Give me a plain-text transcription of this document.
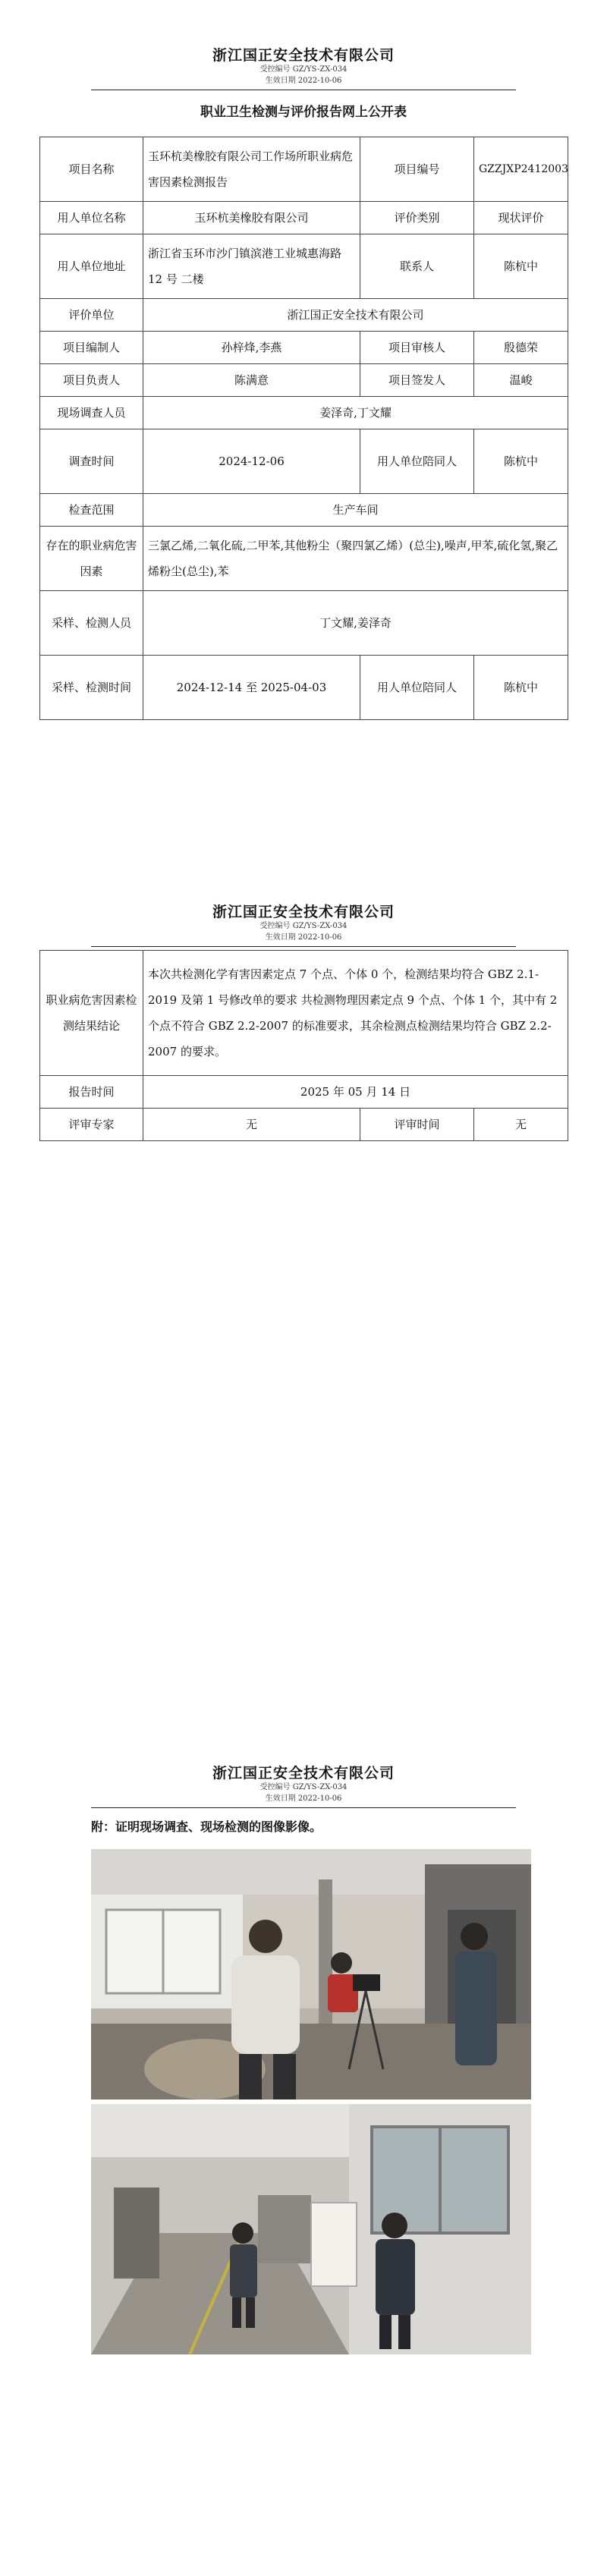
浙江国正安全技术有限公司
受控编号 GZ/YS-ZX-034
生效日期 2022-10-06
职业卫生检测与评价报告网上公开表
项目名称	玉环杭美橡胶有限公司工作场所职业病危害因素检测报告	项目编号	GZZJXP2412003
用人单位名称	玉环杭美橡胶有限公司	评价类别	现状评价
用人单位地址	浙江省玉环市沙门镇滨港工业城惠海路 12 号 二楼	联系人	陈杭中
评价单位	浙江国正安全技术有限公司		
项目编制人	孙梓烽,李燕	项目审核人	殷德荣
项目负责人	陈满意	项目签发人	温峻
现场调查人员	姜泽奇,丁文耀		
调查时间	2024-12-06	用人单位陪同人	陈杭中
检查范围	生产车间		
存在的职业病危害因素	三氯乙烯,二氧化硫,二甲苯,其他粉尘（聚四氯乙烯）(总尘),噪声,甲苯,硫化氢,聚乙烯粉尘(总尘),苯		
采样、检测人员	丁文耀,姜泽奇		
采样、检测时间	2024-12-14 至 2025-04-03	用人单位陪同人	陈杭中
浙江国正安全技术有限公司
受控编号 GZ/YS-ZX-034
生效日期 2022-10-06
职业病危害因素检测结果结论	本次共检测化学有害因素定点 7 个点、个体 0 个，检测结果均符合 GBZ 2.1-2019 及第 1 号修改单的要求 共检测物理因素定点 9 个点、个体 1 个，其中有 2 个点不符合 GBZ 2.2-2007 的标准要求，其余检测点检测结果均符合 GBZ 2.2-2007 的要求。		
报告时间	2025 年 05 月 14 日		
评审专家	无	评审时间	无
浙江国正安全技术有限公司
受控编号 GZ/YS-ZX-034
生效日期 2022-10-06
附：证明现场调查、现场检测的图像影像。
